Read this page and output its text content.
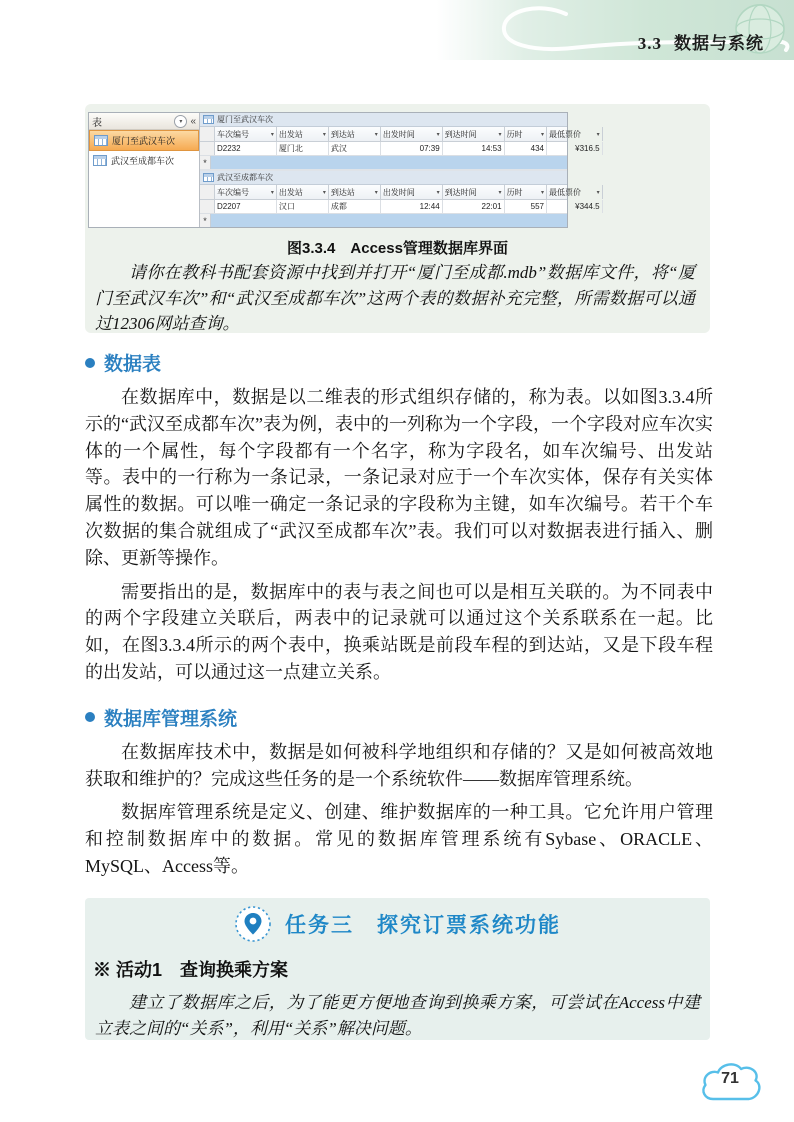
3.3 数据与系统
表	▾ «
厦门至武汉车次
武汉至成都车次
厦门至武汉车次
车次编号	▾ 出发站	▾ 到达站	▾ 出发时间	▾ 到达时间	▾ 历时	▾ 最低票价	▾
D2232	厦门北	武汉	07:39	14:53	434	¥316.5
*
武汉至成都车次
车次编号	▾ 出发站	▾ 到达站	▾ 出发时间	▾ 到达时间	▾ 历时	▾ 最低票价	▾
D2207	汉口	成都	12:44	22:01	557	¥344.5
*
图3.3.4　Access管理数据库界面
请你在教科书配套资源中找到并打开“厦门至成都.mdb”数据库文件，将“厦门至武汉车次”和“武汉至成都车次”这两个表的数据补充完整，所需数据可以通过12306网站查询。
数据表

在数据库中，数据是以二维表的形式组织存储的，称为表。以如图3.3.4所示的“武汉至成都车次”表为例，表中的一列称为一个字段，一个字段对应车次实体的一个属性，每个字段都有一个名字，称为字段名，如车次编号、出发站等。表中的一行称为一条记录，一条记录对应于一个车次实体，保存有关实体属性的数据。可以唯一确定一条记录的字段称为主键，如车次编号。若干个车次数据的集合就组成了“武汉至成都车次”表。我们可以对数据表进行插入、删除、更新等操作。

需要指出的是，数据库中的表与表之间也可以是相互关联的。为不同表中的两个字段建立关联后，两表中的记录就可以通过这个关系联系在一起。比如，在图3.3.4所示的两个表中，换乘站既是前段车程的到达站，又是下段车程的出发站，可以通过这一点建立关系。

数据库管理系统

在数据库技术中，数据是如何被科学地组织和存储的？又是如何被高效地获取和维护的？完成这些任务的是一个系统软件——数据库管理系统。

数据库管理系统是定义、创建、维护数据库的一种工具。它允许用户管理和控制数据库中的数据。常见的数据库管理系统有Sybase、ORACLE、MySQL、Access等。

任务三　探究订票系统功能
※ 活动1　查询换乘方案
建立了数据库之后，为了能更方便地查询到换乘方案，可尝试在Access中建立表之间的“关系”，利用“关系”解决问题。
71
